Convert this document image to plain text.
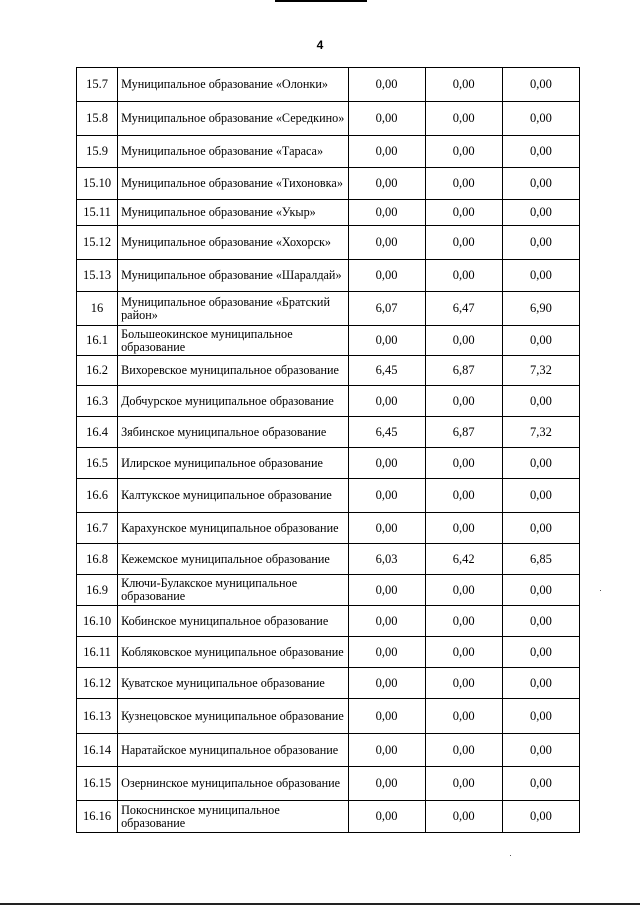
4
15.7	Муниципальное образование «Олонки»	0,00	0,00	0,00
15.8	Муниципальное образование «Середкино»	0,00	0,00	0,00
15.9	Муниципальное образование «Тараса»	0,00	0,00	0,00
15.10	Муниципальное образование «Тихоновка»	0,00	0,00	0,00
15.11	Муниципальное образование «Укыр»	0,00	0,00	0,00
15.12	Муниципальное образование «Хохорск»	0,00	0,00	0,00
15.13	Муниципальное образование «Шаралдай»	0,00	0,00	0,00
16	Муниципальное образование «Братский район»	6,07	6,47	6,90
16.1	Большеокинское муниципальное образование	0,00	0,00	0,00
16.2	Вихоревское муниципальное образование	6,45	6,87	7,32
16.3	Добчурское муниципальное образование	0,00	0,00	0,00
16.4	Зябинское муниципальное образование	6,45	6,87	7,32
16.5	Илирское муниципальное образование	0,00	0,00	0,00
16.6	Калтукское муниципальное образование	0,00	0,00	0,00
16.7	Карахунское муниципальное образование	0,00	0,00	0,00
16.8	Кежемское муниципальное образование	6,03	6,42	6,85
16.9	Ключи-Булакское муниципальное образование	0,00	0,00	0,00
16.10	Кобинское муниципальное образование	0,00	0,00	0,00
16.11	Кобляковское муниципальное образование	0,00	0,00	0,00
16.12	Куватское муниципальное образование	0,00	0,00	0,00
16.13	Кузнецовское муниципальное образование	0,00	0,00	0,00
16.14	Наратайское муниципальное образование	0,00	0,00	0,00
16.15	Озернинское муниципальное образование	0,00	0,00	0,00
16.16	Покоснинское муниципальное образование	0,00	0,00	0,00
